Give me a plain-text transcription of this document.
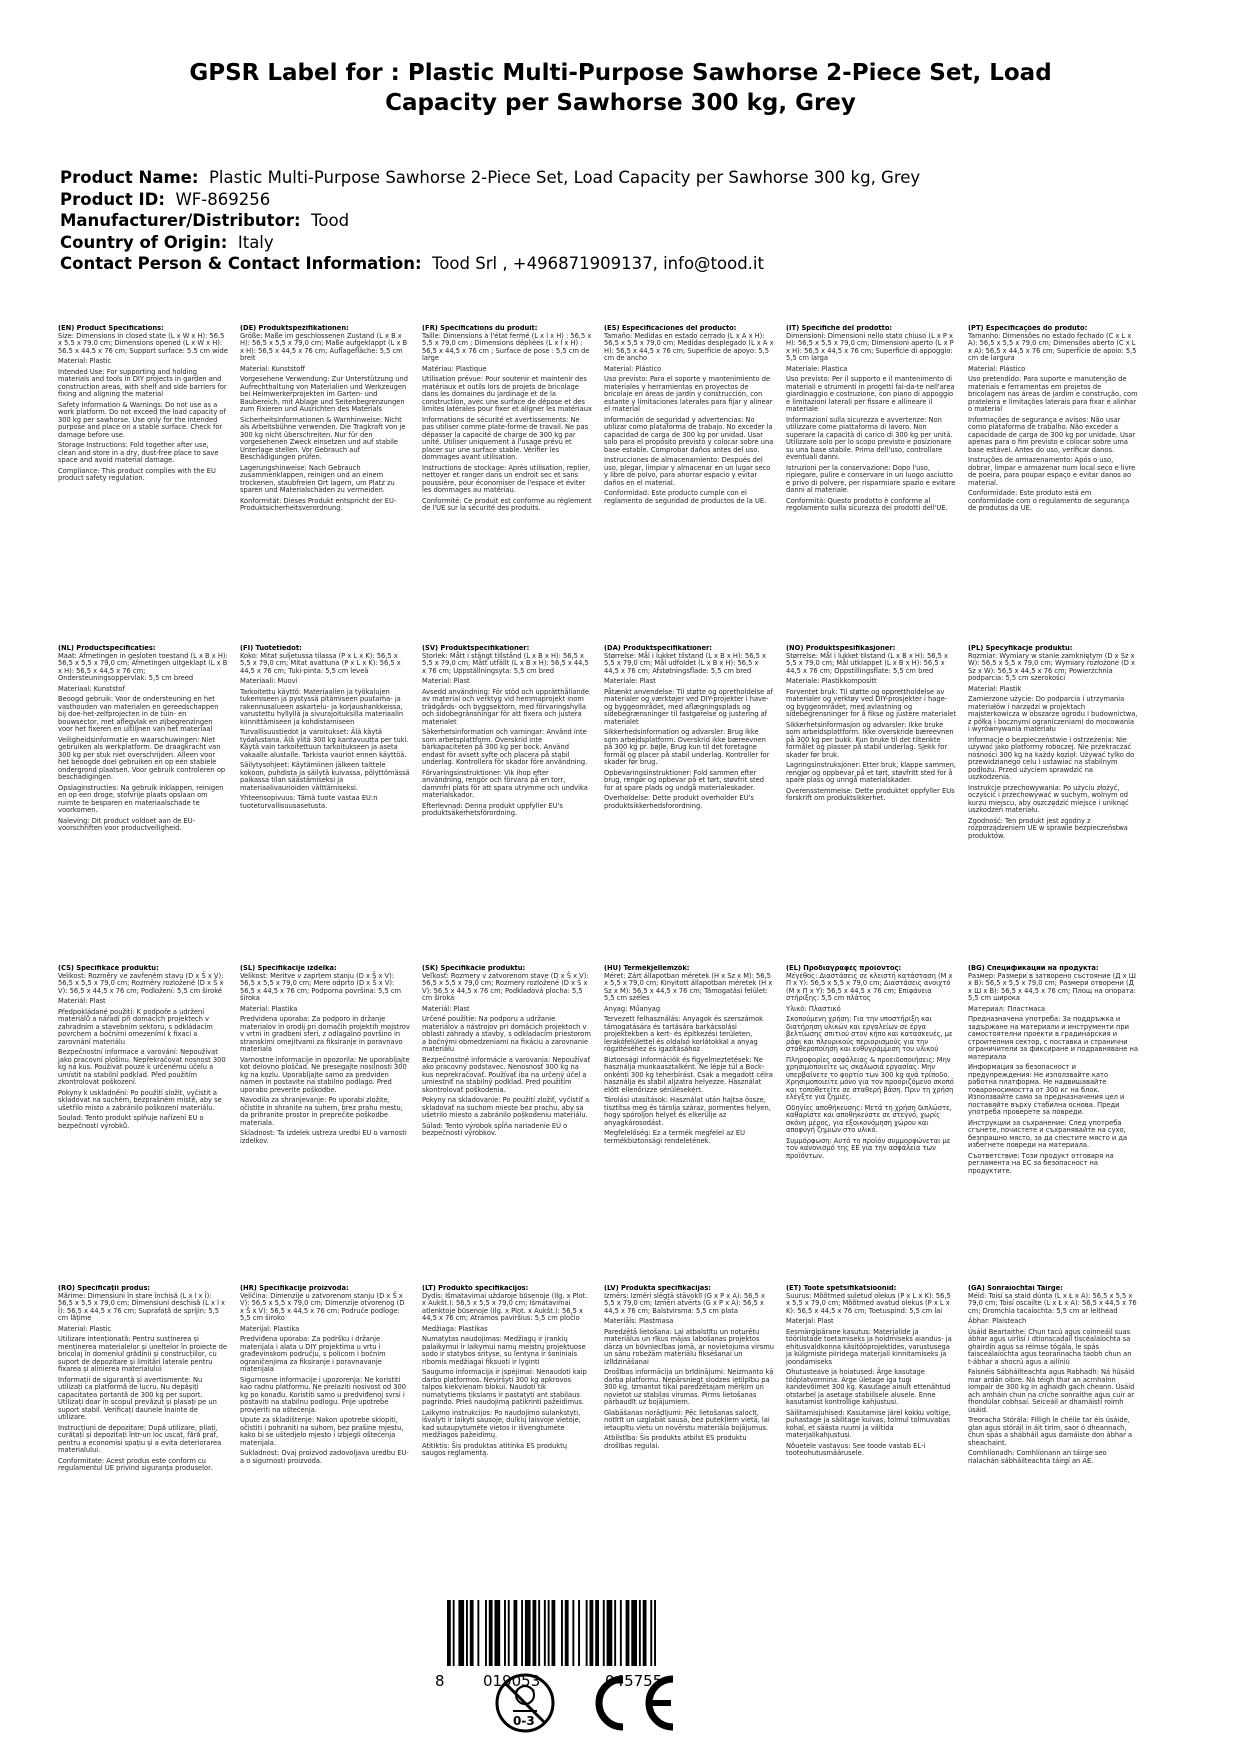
GPSR Label for : Plastic Multi-Purpose Sawhorse 2-Piece Set, Load
Capacity per Sawhorse 300 kg, Grey
Product Name: Plastic Multi-Purpose Sawhorse 2-Piece Set, Load Capacity per Sawhorse 300 kg, Grey
Product ID: WF-869256
Manufacturer/Distributor: Tood
Country of Origin: Italy
Contact Person & Contact Information: Tood Srl , +496871909137, info@tood.it
(EN) Product Specifications:

Size: Dimensions in closed state (L x W x H): 56.5 x 5.5 x 79.0 cm; Dimensions opened (L x W x H): 56.5 x 44.5 x 76 cm; Support surface: 5.5 cm wide

Material: Plastic

Intended Use: For supporting and holding materials and tools in DIY projects in garden and construction areas, with shelf and side barriers for fixing and aligning the material

Safety Information & Warnings: Do not use as a work platform. Do not exceed the load capacity of 300 kg per sawhorse. Use only for the intended purpose and place on a stable surface. Check for damage before use.

Storage Instructions: Fold together after use, clean and store in a dry, dust-free place to save space and avoid material damage.

Compliance: This product complies with the EU product safety regulation.

(DE) Produktspezifikationen:

Größe: Maße im geschlossenen Zustand (L x B x H): 56,5 x 5,5 x 79,0 cm; Maße aufgeklappt (L x B x H): 56,5 x 44,5 x 76 cm; Auflagefläche: 5,5 cm breit

Material: Kunststoff

Vorgesehene Verwendung: Zur Unterstützung und Aufrechthaltung von Materialien und Werkzeugen bei Heimwerkerprojekten im Garten- und Baubereich, mit Ablage und Seitenbegrenzungen zum Fixieren und Ausrichten des Materials

Sicherheitsinformationen & Warnhinweise: Nicht als Arbeitsbühne verwenden. Die Tragkraft von je 300 kg nicht überschreiten. Nur für den vorgesehenen Zweck einsetzen und auf stabile Unterlage stellen. Vor Gebrauch auf Beschädigungen prüfen.

Lagerungshinweise: Nach Gebrauch zusammenklappen, reinigen und an einem trockenen, staubfreien Ort lagern, um Platz zu sparen und Materialschäden zu vermeiden.

Konformität: Dieses Produkt entspricht der EU-Produktsicherheitsverordnung.

(FR) Spécifications du produit:

Taille: Dimensions à l'état fermé (L x l x H) : 56,5 x 5,5 x 79,0 cm ; Dimensions dépliées (L x l x H) : 56,5 x 44,5 x 76 cm ; Surface de pose : 5,5 cm de large

Matériau: Plastique

Utilisation prévue: Pour soutenir et maintenir des matériaux et outils lors de projets de bricolage dans les domaines du jardinage et de la construction, avec une surface de dépose et des limites latérales pour fixer et aligner les matériaux

Informations de sécurité et avertissements: Ne pas utiliser comme plate-forme de travail. Ne pas dépasser la capacité de charge de 300 kg par unité. Utiliser uniquement à l'usage prévu et placer sur une surface stable. Vérifier les dommages avant utilisation.

Instructions de stockage: Après utilisation, replier, nettoyer et ranger dans un endroit sec et sans poussière, pour économiser de l'espace et éviter les dommages au matériau.

Conformité: Ce produit est conforme au règlement de l'UE sur la sécurité des produits.

(ES) Especificaciones del producto:

Tamaño: Medidas en estado cerrado (L x A x H): 56,5 x 5,5 x 79,0 cm; Medidas desplegado (L x A x H): 56,5 x 44,5 x 76 cm; Superficie de apoyo: 5,5 cm de ancho

Material: Plástico

Uso previsto: Para el soporte y mantenimiento de materiales y herramientas en proyectos de bricolaje en áreas de jardín y construcción, con estante y limitaciones laterales para fijar y alinear el material

Información de seguridad y advertencias: No utilizar como plataforma de trabajo. No exceder la capacidad de carga de 300 kg por unidad. Usar solo para el propósito previsto y colocar sobre una base estable. Comprobar daños antes del uso.

Instrucciones de almacenamiento: Después del uso, plegar, limpiar y almacenar en un lugar seco y libre de polvo, para ahorrar espacio y evitar daños en el material.

Conformidad: Este producto cumple con el reglamento de seguridad de productos de la UE.

(IT) Specifiche del prodotto:

Dimensioni: Dimensioni nello stato chiuso (L x P x H): 56,5 x 5,5 x 79,0 cm; Dimensioni aperto (L x P x H): 56,5 x 44,5 x 76 cm; Superficie di appoggio: 5,5 cm larga

Materiale: Plastica

Uso previsto: Per il supporto e il mantenimento di materiali e strumenti in progetti fai-da-te nell'area giardinaggio e costruzione, con piano di appoggio e limitazioni laterali per fissare e allineare il materiale

Informazioni sulla sicurezza e avvertenze: Non utilizzare come piattaforma di lavoro. Non superare la capacità di carico di 300 kg per unità. Utilizzare solo per lo scopo previsto e posizionare su una base stabile. Prima dell'uso, controllare eventuali danni.

Istruzioni per la conservazione: Dopo l'uso, ripiegare, pulire e conservare in un luogo asciutto e privo di polvere, per risparmiare spazio e evitare danni al materiale.

Conformità: Questo prodotto è conforme al regolamento sulla sicurezza dei prodotti dell'UE.

(PT) Especificações do produto:

Tamanho: Dimensões no estado fechado (C x L x A): 56,5 x 5,5 x 79,0 cm; Dimensões aberto (C x L x A): 56,5 x 44,5 x 76 cm; Superfície de apoio: 5,5 cm de largura

Material: Plástico

Uso pretendido: Para suporte e manutenção de materiais e ferramentas em projetos de bricolagem nas áreas de jardim e construção, com prateleira e limitações laterais para fixar e alinhar o material

Informações de segurança e avisos: Não usar como plataforma de trabalho. Não exceder a capacidade de carga de 300 kg por unidade. Usar apenas para o fim previsto e colocar sobre uma base estável. Antes do uso, verificar danos.

Instruções de armazenamento: Após o uso, dobrar, limpar e armazenar num local seco e livre de poeira, para poupar espaço e evitar danos ao material.

Conformidade: Este produto está em conformidade com o regulamento de segurança de produtos da UE.

(NL) Productspecificaties:

Maat: Afmetingen in gesloten toestand (L x B x H): 56,5 x 5,5 x 79,0 cm; Afmetingen uitgeklapt (L x B x H): 56,5 x 44,5 x 76 cm; Ondersteuningsoppervlak: 5,5 cm breed

Materiaal: Kunststof

Beoogd gebruik: Voor de ondersteuning en het vasthouden van materialen en gereedschappen bij doe-het-zelfprojecten in de tuin- en bouwsector, met aflegvlak en zijbegrenzingen voor het fixeren en uitlijnen van het materiaal

Veiligheidsinformatie en waarschuwingen: Niet gebruiken als werkplatform. De draagkracht van 300 kg per stuk niet overschrijden. Alleen voor het beoogde doel gebruiken en op een stabiele ondergrond plaatsen. Voor gebruik controleren op beschadigingen.

Opslaginstructies: Na gebruik inklappen, reinigen en op een droge, stofvrije plaats opslaan om ruimte te besparen en materiaalschade te voorkomen.

Naleving: Dit product voldoet aan de EU-voorschriften voor productveiligheid.

(FI) Tuotetiedot:

Koko: Mitat suljetussa tilassa (P x L x K): 56,5 x 5,5 x 79,0 cm; Mitat avattuna (P x L x K): 56,5 x 44,5 x 76 cm; Tuki-pinta: 5,5 cm leveä

Materiaali: Muovi

Tarkoitettu käyttö: Materiaalien ja työkalujen tukemiseen ja pystyssä pitämiseen puutarha- ja rakennusalueen askartelu- ja korjaushankkeissa, varustettu hyllyllä ja sivurajoituksilla materiaalin kiinnittämiseen ja kohdistamiseen

Turvallisuustiedot ja varoitukset: Älä käytä työalustana. Älä ylitä 300 kg kantavuutta per tuki. Käytä vain tarkoitettuun tarkoitukseen ja aseta vakaalle alustalle. Tarkista vauriot ennen käyttöä.

Säilytysohjeet: Käytämiinen jälkeen taittele kokoon, puhdista ja säilytä kuivassa, pölyttömässä paikassa tilan säästämiseksi ja materiaalivaurioiden välttämiseksi.

Yhteensopivuus: Tämä tuote vastaa EU:n tuoteturvallisuusasetusta.

(SV) Produktspecifikationer:

Storlek: Mått i stängt tillstånd (L x B x H): 56,5 x 5,5 x 79,0 cm; Mått utfällt (L x B x H): 56,5 x 44,5 x 76 cm; Uppställningsyta: 5,5 cm bred

Material: Plast

Avsedd användning: För stöd och upprätthållande av material och verktyg vid hemmaprojekt inom trädgårds- och byggsektorn, med förvaringshylla och sidobegränsningar för att fixera och justera materialet

Säkerhetsinformation och varningar: Använd inte som arbetsplattform. Överskrid inte bärkapaciteten på 300 kg per bock. Använd endast för avsett syfte och placera på stabil underlag. Kontrollera för skador före användning.

Förvaringsinstruktioner: Vik ihop efter användning, rengör och förvara på en torr, dammfri plats för att spara utrymme och undvika materialskador.

Efterlevnad: Denna produkt uppfyller EU's produktsäkerhetsförordning.

(DA) Produktspecifikationer:

Størrelse: Mål i lukket tilstand (L x B x H): 56,5 x 5,5 x 79,0 cm; Mål udfoldet (L x B x H): 56,5 x 44,5 x 76 cm; Afstøtningsflade: 5,5 cm bred

Materiale: Plast

Påtænkt anvendelse: Til støtte og opretholdelse af materialer og værktøjer ved DIY-projekter i have- og byggeområdet, med aflægningsplads og sidebegrænsninger til fastgørelse og justering af materialet

Sikkerhedsinformation og advarsler: Brug ikke som arbejdsplatform. Overskrid ikke bæreevnen på 300 kg pr. bøjle. Brug kun til det foretagne formål og placer på stabil underlag. Kontroller for skader før brug.

Opbevaringsinstruktioner: Fold sammen efter brug, rengør og opbevar på et tørt, støvfrit sted for at spare plads og undgå materialeskader.

Overholdelse: Dette produkt overholder EU's produktsikkerhedsforordning.

(NO) Produktspesifikasjoner:

Størrelse: Mål i lukket tilstand (L x B x H): 56,5 x 5,5 x 79,0 cm; Mål utklappet (L x B x H): 56,5 x 44,5 x 76 cm; Oppstillingsflate: 5,5 cm bred

Materiale: Plastikkompositt

Forventet bruk: Til støtte og opprettholdelse av materialer og verktøy ved DIY-prosjekter i hage- og byggeområdet, med avlastning og sidebegrensninger for å fikse og justere materialet

Sikkerhetsinformasjon og advarsler: Ikke bruke som arbeidsplattform. Ikke overskride bæreevnen på 300 kg per bukk. Kun bruke til det tiltenkte formålet og plasser på stabil underlag. Sjekk for skader før bruk.

Lagringsinstruksjoner: Etter bruk, klappe sammen, rengjør og oppbevar på et tørt, støvfritt sted for å spare plass og unngå materialskader.

Overensstemmelse: Dette produktet oppfyller EUs forskrift om produktsikkerhet.

(PL) Specyfikacje produktu:

Rozmiar: Wymiary w stanie zamkniętym (D x Sz x W): 56,5 x 5,5 x 79,0 cm; Wymiary rozłożone (D x Sz x W): 56,5 x 44,5 x 76 cm; Powierzchnia podparcia: 5,5 cm szerokości

Materiał: Plastik

Zamierzone użycie: Do podparcia i utrzymania materiałów i narzędzi w projektach majsterkowicza w obszarze ogrodu i budownictwa, z półką i bocznymi ograniczeniami do mocowania i wyrównywania materiału

Informacje o bezpieczeństwie i ostrzeżenia: Nie używać jako platformy roboczej. Nie przekraczać nośności 300 kg na każdy kozioł. Używać tylko do przewidzianego celu i ustawiać na stabilnym podłożu. Przed użyciem sprawdzić na uszkodzenia.

Instrukcje przechowywania: Po użyciu złożyć, oczyścić i przechowywać w suchym, wolnym od kurzu miejscu, aby oszczędzić miejsce i uniknąć uszkodzeń materiału.

Zgodność: Ten produkt jest zgodny z rozporządzeniem UE w sprawie bezpieczeństwa produktów.

(CS) Specifikace produktu:

Velikost: Rozměry ve zavřeném stavu (D x Š x V): 56,5 x 5,5 x 79,0 cm; Rozměry rozložené (D x Š x V): 56,5 x 44,5 x 76 cm; Podložení: 5,5 cm široké

Materiál: Plast

Předpokládané použití: K podpoře a udržení materiálů a nářadí při domácích projektech v zahradním a stavebním sektoru, s odkládacím povrchem a bočními omezeními k fixaci a zarovnání materiálu

Bezpečnostní informace a varování: Nepoužívat jako pracovní plošinu. Nepřekračovat nosnost 300 kg na kus. Používat pouze k určenému účelu a umístit na stabilní podklad. Před použitím zkontrolovat poškození.

Pokyny k uskladnění: Po použití složit, vyčistit a skladovat na suchém, bezprašném místě, aby se ušetřilo místo a zabránilo poškození materiálu.

Soulad: Tento produkt splňuje nařízení EU o bezpečnosti výrobků.

(SL) Specifikacije izdelka:

Velikost: Meritve v zaprtem stanju (D x Š x V): 56,5 x 5,5 x 79,0 cm; Mere odprto (D x Š x V): 56,5 x 44,5 x 76 cm; Podporna površina: 5,5 cm široka

Material: Plastika

Predvidena uporaba: Za podporo in držanje materialov in orodij pri domačih projektih mojstrov v vrtni in gradbeni sferi, z odlagalno površino in stranskimi omejitvami za fiksiranje in poravnavo materiala

Varnostne informacije in opozorila: Ne uporabljajte kot delovno ploščad. Ne presegajte nosilnosti 300 kg na kozlu. Uporabljajte samo za predviden namen in postavite na stabilno podlago. Pred uporabo preverite poškodbe.

Navodila za shranjevanje: Po uporabi zložite, očistite in shranite na suhem, brez prahu mestu, da prihranite prostor in preprečite poškodbe materiala.

Skladnost: Ta izdelek ustreza uredbi EU o varnosti izdelkov.

(SK) Špecifikácie produktu:

Veľkosť: Rozmery v zatvorenom stave (D x Š x V): 56,5 x 5,5 x 79,0 cm; Rozmery rozložené (D x Š x V): 56,5 x 44,5 x 76 cm; Podkladová plocha: 5,5 cm široká

Materiál: Plast

Určené použitie: Na podporu a udržanie materiálov a nástrojov pri domácich projektoch v oblasti záhrady a stavby, s odkladacím priestorom a bočnými obmedzeniami na fixáciu a zarovnanie materiálu

Bezpečnostné informácie a varovania: Nepoužívať ako pracovný podstavec. Nenosnosť 300 kg na kus neprekračovať. Používať iba na určený účel a umiestniť na stabilný podklad. Pred použitím skontrolovať poškodenia.

Pokyny na skladovanie: Po použití zložiť, vyčistiť a skladovať na suchom mieste bez prachu, aby sa ušetrilo miesto a zabránilo poškodeniu materiálu.

Súlad: Tento výrobok spĺňa nariadenie EÚ o bezpečnosti výrobkov.

(HU) Termékjellemzők:

Méret: Zárt állapotban méretek (H x Sz x M): 56,5 x 5,5 x 79,0 cm; Kinyitott állapotban méretek (H x Sz x M): 56,5 x 44,5 x 76 cm; Támogatási felület: 5,5 cm széles

Anyag: Műanyag

Tervezett felhasználás: Anyagok és szerszámok támogatására és tartására barkácsolási projektekben a kert- és építkezési területen, lerakófelülettel és oldalsó korlátokkal a anyag rögzítéséhez és igazításához

Biztonsági információk és figyelmeztetések: Ne használja munkaasztalként. Ne lépje túl a Bock-onkénti 300 kg teherbírást. Csak a megadott célra használja és stabil aljzatra helyezze. Használat előtt ellenőrizze sérülésekért.

Tárolási utasítások: Használat után hajtsa össze, tisztítsa meg és tárolja száraz, pormentes helyen, hogy spóroljon helyet és elkerülje az anyagkárosodást.

Megfelelőség: Ez a termék megfelel az EU termékbiztonsági rendeletének.

(EL) Προδιαγραφές προϊόντος:

Μέγεθος: Διαστάσεις σε κλειστή κατάσταση (Μ x Π x Υ): 56,5 x 5,5 x 79,0 cm; Διαστάσεις ανοιχτό (Μ x Π x Υ): 56,5 x 44,5 x 76 cm; Επιφάνεια στήριξης: 5,5 cm πλάτος

Υλικό: Πλαστικό

Σκοπούμενη χρήση: Για την υποστήριξη και διατήρηση υλικών και εργαλείων σε έργα βελτίωσης σπιτιού στον κήπο και κατασκευές, με ράφι και πλευρικούς περιορισμούς για την σταθεροποίηση και ευθυγράμμιση του υλικού

Πληροφορίες ασφάλειας & προειδοποιήσεις: Μην χρησιμοποιείτε ως σκαλωσιά εργασίας. Μην υπερβαίνετε το φορτίο των 300 kg ανά τρίποδο. Χρησιμοποιείτε μόνο για τον προοριζόμενο σκοπό και τοποθετείτε σε σταθερή βάση. Πριν τη χρήση ελέγξτε για ζημιές.

Οδηγίες αποθήκευσης: Μετά τη χρήση διπλώστε, καθαρίστε και αποθηκεύστε σε στεγνό, χωρίς σκόνη μέρος, για εξοικονόμηση χώρου και αποφυγή ζημιών στο υλικό.

Συμμόρφωση: Αυτό το προϊόν συμμορφώνεται με τον κανονισμό της ΕΕ για την ασφάλεια των προϊόντων.

(BG) Спецификации на продукта:

Размер: Размери в затворено състояние (Д x Ш x В): 56,5 x 5,5 x 79,0 cm; Размери отворени (Д x Ш x В): 56,5 x 44,5 x 76 cm; Площ на опората: 5,5 cm широка

Материал: Пластмаса

Предназначена употреба: За поддръжка и задържане на материали и инструменти при самостоятелни проекти в градинарския и строителния сектор, с поставка и странични ограничители за фиксиране и подравняване на материала

Информация за безопасност и предупреждения: Не използвайте като работна платформа. Не надвишавайте товароносимостта от 300 кг на блок. Използвайте само за предназначения цел и поставяйте върху стабилна основа. Преди употреба проверете за повреди.

Инструкции за съхранение: След употреба сгънете, почистете и съхранявайте на сухо, безпрашно място, за да спестите място и да избегнете повреди на материала.

Съответствие: Този продукт отговаря на регламента на ЕС за безопасност на продуктите.

(RO) Specificații produs:

Mărime: Dimensiuni în stare închisă (L x l x Î): 56,5 x 5,5 x 79,0 cm; Dimensiuni deschisă (L x l x Î): 56,5 x 44,5 x 76 cm; Suprafață de sprijin: 5,5 cm lățime

Material: Plastic

Utilizare intenționată: Pentru susținerea și menținerea materialelor și uneltelor în proiecte de bricolaj în domeniul grădinii și construcțiilor, cu suport de depozitare și limitări laterale pentru fixarea și alinierea materialului

Informații de siguranță și avertismente: Nu utilizați ca platformă de lucru. Nu depășiți capacitatea portantă de 300 kg per suport. Utilizați doar în scopul prevăzut și plasați pe un suport stabil. Verificați daunele înainte de utilizare.

Instrucțiuni de depozitare: După utilizare, pliați, curățați și depozitați într-un loc uscat, fără praf, pentru a economisi spațiu și a evita deteriorarea materialului.

Conformitate: Acest produs este conform cu regulamentul UE privind siguranța produselor.

(HR) Specifikacije proizvoda:

Veličina: Dimenzije u zatvorenom stanju (D x Š x V): 56,5 x 5,5 x 79,0 cm; Dimenzije otvorenog (D x Š x V): 56,5 x 44,5 x 76 cm; Područe podloge: 5,5 cm široko

Materijal: Plastika

Predviđena uporaba: Za podršku i držanje materijala i alata u DIY projektima u vrtu i građevinskom području, s policom i bočnim ograničenjima za fiksiranje i poravnavanje materijala

Sigurnosne informacije i upozorenja: Ne koristiti kao radnu platformu. Ne prelaziti nosivost od 300 kg po konađu. Koristiti samo u predviđenoj svrsi i postaviti na stabilnu podlogu. Prije upotrebe provjeriti na oštećenja.

Upute za skladištenje: Nakon upotrebe sklopiti, očistiti i pohraniti na suhom, bez prašine mjestu, kako bi se uštedjelo mjesto i izbjegli oštećenja materijala.

Sukladnost: Ovaj proizvod zadovoljava uredbu EU-a o sigurnosti proizvoda.

(LT) Produkto specifikacijos:

Dydis: Išmatavimai uždaroje būsenoje (Ilg. x Plot. x Aukšt.): 56,5 x 5,5 x 79,0 cm; Išmatavimai atlenktoje būsenoje (Ilg. x Plot. x Aukšt.): 56,5 x 44,5 x 76 cm; Atramos paviršius: 5,5 cm pločio

Medžiaga: Plastikas

Numatytas naudojimas: Medžiagų ir įrankių palaikymui ir laikymui namų meistrų projektuose sodo ir statybos srityse, su lentyna ir šoniniais ribomis medžiagai fiksuoti ir lyginti

Saugumo informacija ir įspėjimai: Nenaudoti kaip darbo platformos. Neviršyti 300 kg apkrovos talpos kiekvienam blokui. Naudoti tik numatytiems tikslams ir pastatyti ant stabilaus pagrindo. Prieš naudojimą patikrinti pažeidimus.

Laikymo instrukcijos: Po naudojimo sulankstyti, išvalyti ir laikyti sausoje, dulkių laisvoje vietoje, kad sutaupytumėte vietos ir išvengtumėte medžiagos pažeidimų.

Atitiktis: Šis produktas atitinka ES produktų saugos reglamentą.

(LV) Produkta specifikācijas:

Izmērs: Izmēri slēgtā stāvoklī (G x P x A): 56,5 x 5,5 x 79,0 cm; Izmēri atvērts (G x P x A): 56,5 x 44,5 x 76 cm; Balstvirsma: 5,5 cm plata

Materiāls: Plastmasa

Paredzētā lietošana: Lai atbalstītu un noturētu materiālus un rīkus mājas labošanas projektos dārza un būvniecības jomā, ar novietojuma virsmu un sānu robežām materiālu fiksēšanai un izlīdzināšanai

Drošības informācija un brīdinājumi: Neizmanto kā darba platformu. Nepārsniegt slodzes ietilpību pa 300 kg. Izmantot tikai paredzētajam mērķim un novietot uz stabilas virsmas. Pirms lietošanas pārbaudīt uz bojājumiem.

Glabāšanas norādījumi: Pēc lietošanas salocīt, notīrīt un uzglabāt sausā, bez putekļiem vietā, lai ietaupītu vietu un novērstu materiāla bojājumus.

Atbilstība: Šis produkts atbilst ES produktu drošības regulai.

(ET) Toote spetsifikatsioonid:

Suurus: Mõõtmed suletud olekus (P x L x K): 56,5 x 5,5 x 79,0 cm; Mõõtmed avatud olekus (P x L x K): 56,5 x 44,5 x 76 cm; Toetuspind: 5,5 cm lai

Materjal: Plast

Eesmärgipärane kasutus: Materjalide ja tööriistade toetamiseks ja hoidmiseks aiandus- ja ehitusvaldkonna käsitööprojektides, varustusega ja külgmiste piiridega materjali kinnitamiseks ja joondamiseks

Ohutusteave ja hoiatused: Ärge kasutage tööplatvormina. Ärge ületage iga tugi kandevõimet 300 kg. Kasutage ainult ettenähtud otstarbel ja asetage stabiilsele alusele. Enne kasutamist kontrollige kahjustusi.

Säilitamisjuhised: Kasutamise järel kokku voltige, puhastage ja säilitage kuivas, tolmul tolmuvabas kohal, et säästa ruumi ja vältida materjalikahjustusi.

Nõuetele vastavus: See toode vastab EL-i tooteohutusmäärusele.

(GA) Sonraíochtaí Táirge:

Méid: Toisí sa staid dúnta (L x Ł x A): 56,5 x 5,5 x 79,0 cm; Toisí oscailte (L x Ł x A): 56,5 x 44,5 x 76 cm; Dromchla tacaíochta: 5,5 cm ar leithead

Ábhar: Plaisteach

Úsáid Beartaithe: Chun tacú agus coinneáil suas ábhar agus uirlisí i dtionscadail tiscéalaíochta sa ghairdín agus sa réimse tógála, le spás taisceálaíochta agus teorannacha taobh chun an t-ábhar a shocrú agus a ailíniú

Faisnéis Sábháilteachta agus Rabhadh: Ná húsáid mar ardán oibre. Ná téigh thar an acmhainn iompair de 300 kg in aghaidh gach cheann. Úsáid ach amháin chun na críche sonraithe agus cuir ar fhondúlar cobhsaí. Seiceáil ar dhamáistí roimh úsáid.

Treoracha Stórála: Filligh le chéile tar éis úsáide, glan agus stóráil in áit tirim, saor ó dheannach, chun spás a shábháil agus damáiste don ábhar a sheachaint.

Comhlíonadh: Comhlíonann an táirge seo rialachán sábháilteachta táirgí an AE.

8	019053	045755
0-3
